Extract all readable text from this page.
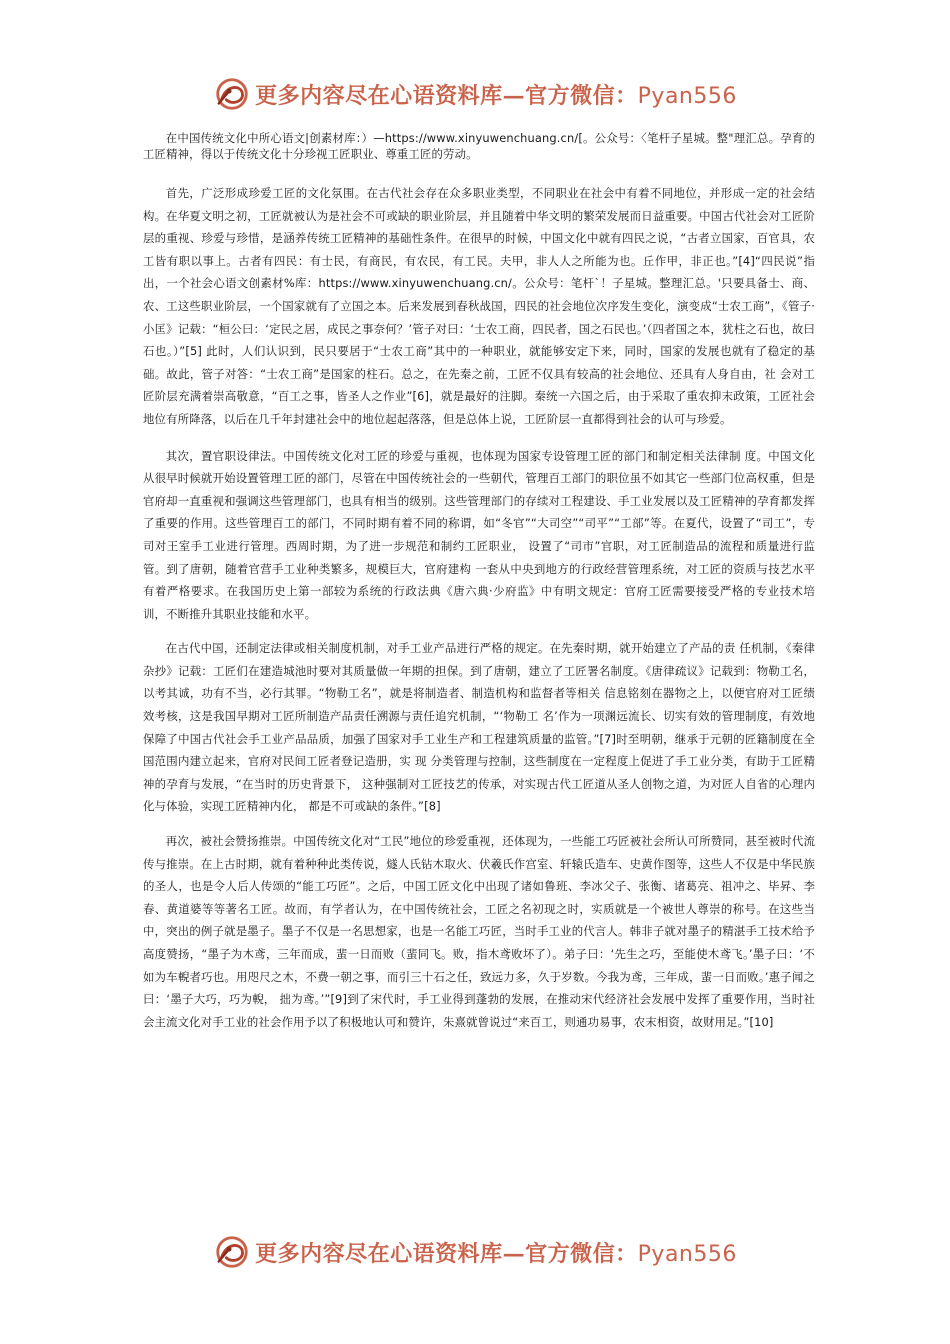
更多内容尽在心语资料库—官方微信：Pyan556

在中国传统文化中所心语文|创素材库：）—https://www.xinyuwenchuang.cn/[。公众号：〈笔杆子星城。整"理汇总。孕育的工匠精神，得以于传统文化十分珍视工匠职业、尊重工匠的劳动。

首先，广泛形成珍爱工匠的文化氛围。在古代社会存在众多职业类型，不同职业在社会中有着不同地位，并形成一定的社会结构。在华夏文明之初，工匠就被认为是社会不可或缺的职业阶层，并且随着中华文明的繁荣发展而日益重要。中国古代社会对工匠阶层的重视、珍爱与珍惜，是涵养传统工匠精神的基础性条件。在很早的时候，中国文化中就有四民之说，“古者立国家，百官具，农工皆有职以事上。古者有四民：有士民，有商民，有农民，有工民。夫甲，非人人之所能为也。丘作甲，非正也。”[4]“四民说”指出，一个社会心语文创素材%库：https://www.xinyuwenchuang.cn/。公众号：笔杆`！子星城。整理汇总。'只要具备士、商、农、工这些职业阶层，一个国家就有了立国之本。后来发展到春秋战国，四民的社会地位次序发生变化，演变成“士农工商”，《管子·小匡》记载：“桓公曰：‘定民之居，成民之事奈何？’管子对曰：‘士农工商，四民者，国之石民也。’（四者国之本，犹柱之石也，故曰石也。）”[5] 此时，人们认识到，民只要居于“士农工商”其中的一种职业，就能够安定下来，同时，国家的发展也就有了稳定的基础。故此，管子对答：“士农工商”是国家的柱石。总之，在先秦之前，工匠不仅具有较高的社会地位、还具有人身自由，社 会对工匠阶层充满着崇高敬意，“百工之事，皆圣人之作业”[6]，就是最好的注脚。秦统一六国之后，由于采取了重农抑末政策，工匠社会地位有所降落，以后在几千年封建社会中的地位起起落落，但是总体上说，工匠阶层一直都得到社会的认可与珍爱。

其次，置官职设律法。中国传统文化对工匠的珍爱与重视，也体现为国家专设管理工匠的部门和制定相关法律制 度。中国文化从很早时候就开始设置管理工匠的部门，尽管在中国传统社会的一些朝代，管理百工部门的职位虽不如其它一些部门位高权重，但是官府却一直重视和强调这些管理部门，也具有相当的级别。这些管理部门的存续对工程建设、手工业发展以及工匠精神的孕育都发挥了重要的作用。这些管理百工的部门，不同时期有着不同的称谓，如“冬官”“大司空”“司平”“工部”等。在夏代，设置了“司工”，专司对王室手工业进行管理。西周时期，为了进一步规范和制约工匠职业， 设置了“司市”官职，对工匠制造品的流程和质量进行监管。到了唐朝，随着官营手工业种类繁多，规模巨大，官府建构 一套从中央到地方的行政经营管理系统，对工匠的资质与技艺水平有着严格要求。在我国历史上第一部较为系统的行政法典《唐六典·少府监》中有明文规定：官府工匠需要接受严格的专业技术培训，不断推升其职业技能和水平。

在古代中国，还制定法律或相关制度机制，对手工业产品进行严格的规定。在先秦时期，就开始建立了产品的责 任机制，《秦律杂抄》记载：工匠们在建造城池时要对其质量做一年期的担保。到了唐朝，建立了工匠署名制度。《唐律疏议》记载到：物勒工名，以考其诚，功有不当，必行其罪。“物勒工名”，就是将制造者、制造机构和监督者等相关 信息铭刻在器物之上，以便官府对工匠绩效考核，这是我国早期对工匠所制造产品责任溯源与责任追究机制，“‘物勒工 名’作为一项渊远流长、切实有效的管理制度，有效地保障了中国古代社会手工业产品品质，加强了国家对手工业生产和工程建筑质量的监管。”[7]时至明朝，继承于元朝的匠籍制度在全国范围内建立起来，官府对民间工匠者登记造册，实 现 分类管理与控制，这些制度在一定程度上促进了手工业分类，有助于工匠精神的孕育与发展，“在当时的历史背景下， 这种强制对工匠技艺的传承，对实现古代工匠道从圣人创物之道，为对匠人自省的心理内化与体验，实现工匠精神内化， 都是不可或缺的条件。”[8]

再次，被社会赞扬推崇。中国传统文化对“工民”地位的珍爱重视，还体现为，一些能工巧匠被社会所认可所赞同，甚至被时代流传与推崇。在上古时期，就有着种种此类传说，燧人氏钻木取火、伏羲氏作宫室、轩辕氏造车、史黄作图等，这些人不仅是中华民族的圣人，也是令人后人传颂的“能工巧匠”。之后，中国工匠文化中出现了诸如鲁班、李冰父子、张衡、诸葛亮、祖冲之、毕昇、李春、黄道婆等等著名工匠。故而，有学者认为，在中国传统社会，工匠之名初现之时，实质就是一个被世人尊崇的称号。在这些当中，突出的例子就是墨子。墨子不仅是一名思想家，也是一名能工巧匠，当时手工业的代言人。韩非子就对墨子的精湛手工技术给予高度赞扬，“墨子为木鸢，三年而成，蜚一日而败（蜚同飞。败，指木鸢败坏了）。弟子曰：‘先生之巧，至能使木鸢飞。’墨子曰：‘不如为车輗者巧也。用咫尺之木，不费一朝之事，而引三十石之任，致远力多，久于岁数。今我为鸢，三年成，蜚一日而败。’惠子闻之曰：‘墨子大巧，巧为輗， 拙为鸢。’”[9]到了宋代时，手工业得到蓬勃的发展，在推动宋代经济社会发展中发挥了重要作用，当时社会主流文化对手工业的社会作用予以了积极地认可和赞许，朱熹就曾说过“来百工，则通功易事，农末相资，故财用足。”[10]

更多内容尽在心语资料库—官方微信：Pyan556
